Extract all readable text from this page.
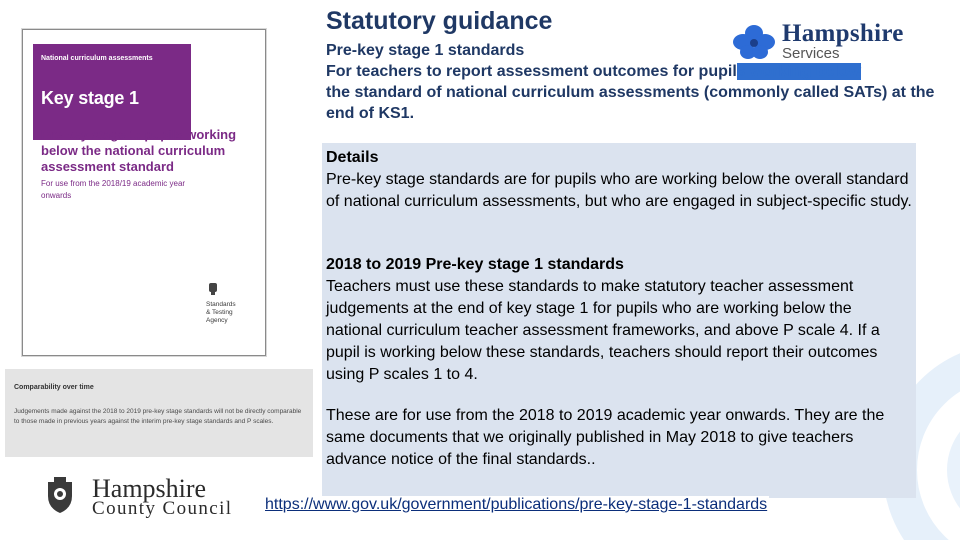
National curriculum assessments
Key stage 1
Pre-key stage 1: pupils working below the national curriculum assessment standard
For use from the 2018/19 academic year onwards
Standards
& Testing
Agency
Comparability over time
Judgements made against the 2018 to 2019 pre-key stage standards will not be directly comparable to those made in previous years against the interim pre-key stage standards and P scales.
Hampshire
County Council
Statutory guidance
Pre-key stage 1 standards
For teachers to report assessment outcomes for pupils working below
the standard of national curriculum assessments (commonly called SATs) at the end of KS1.
Hampshire
Services
Details
Pre-key stage standards are for pupils who are working below the overall standard of national curriculum assessments, but who are engaged in subject-specific study.
2018 to 2019 Pre-key stage 1 standards
Teachers must use these standards to make statutory teacher assessment judgements at the end of key stage 1 for pupils who are working below the national curriculum teacher assessment frameworks, and above P scale 4. If a pupil is working below these standards, teachers should report their outcomes using P scales 1 to 4.
These are for use from the 2018 to 2019 academic year onwards. They are the same documents that we originally published in May 2018 to give teachers advance notice of the final standards..
https://www.gov.uk/government/publications/pre-key-stage-1-standards
